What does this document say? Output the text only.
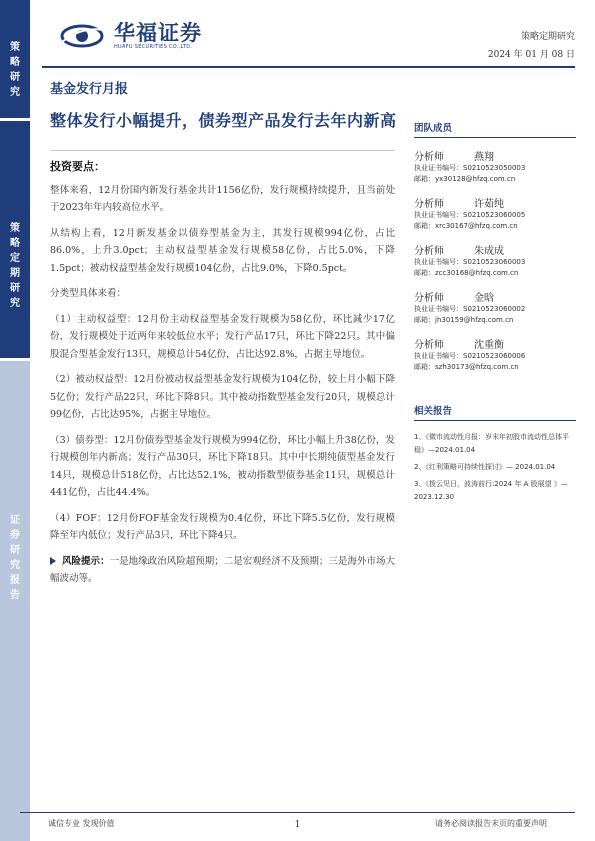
策略研究
策略定期研究
证券研究报告
华福证券
HUAFU SECURITIES CO.,LTD.
策略定期研究
2024 年 01 月 08 日
基金发行月报
整体发行小幅提升，债券型产品发行去年内新高
投资要点：

整体来看，12月份国内新发行基金共计1156亿份，发行规模持续提升，且当前处于2023年年内较高位水平。

从结构上看，12月新发基金以债券型基金为主，其发行规模994亿份，占比86.0%，上升3.0pct；主动权益型基金发行规模58亿份，占比5.0%，下降1.5pct；被动权益型基金发行规模104亿份，占比9.0%，下降0.5pct。

分类型具体来看：

（1）主动权益型：12月份主动权益型基金发行规模为58亿份，环比减少17亿份，发行规模处于近两年来较低位水平；发行产品17只，环比下降22只。其中偏股混合型基金发行13只，规模总计54亿份，占比达92.8%，占据主导地位。

（2）被动权益型：12月份被动权益型基金发行规模为104亿份，较上月小幅下降5亿份；发行产品22只，环比下降8只。其中被动指数型基金发行20只，规模总计99亿份，占比达95%，占据主导地位。

（3）债券型：12月份债券型基金发行规模为994亿份，环比小幅上升38亿份，发行规模创年内新高；发行产品30只，环比下降18只。其中中长期纯债型基金发行14只，规模总计518亿份，占比达52.1%，被动指数型债券基金11只，规模总计441亿份，占比44.4%。

（4）FOF：12月份FOF基金发行规模为0.4亿份，环比下降5.5亿份，发行规模降至年内低位；发行产品3只，环比下降4只。

风险提示：一是地缘政治风险超预期；二是宏观经济不及预期；三是海外市场大幅波动等。

团队成员
分析师	燕翔
执业证书编号：S0210523050003
邮箱：yx30128@hfzq.com.cn
分析师	许茹纯
执业证书编号：S0210523060005
邮箱：xrc30167@hfzq.com.cn
分析师	朱成成
执业证书编号：S0210523060003
邮箱：zcc30168@hfzq.com.cn
分析师	金晗
执业证书编号：S0210523060002
邮箱：jh30159@hfzq.com.cn
分析师	沈重衡
执业证书编号：S0210523060006
邮箱：szh30173@hfzq.com.cn
相关报告
1、《微市流动性月报：岁末年初股市流动性总体平稳》—2024.01.04
2、《红利策略可持续性探讨》— 2024.01.04
3、《拨云见日，波涛前行:2024 年 A 股展望 》— 2023.12.30
诚信专业 发现价值	1	请务必阅读报告末页的重要声明
